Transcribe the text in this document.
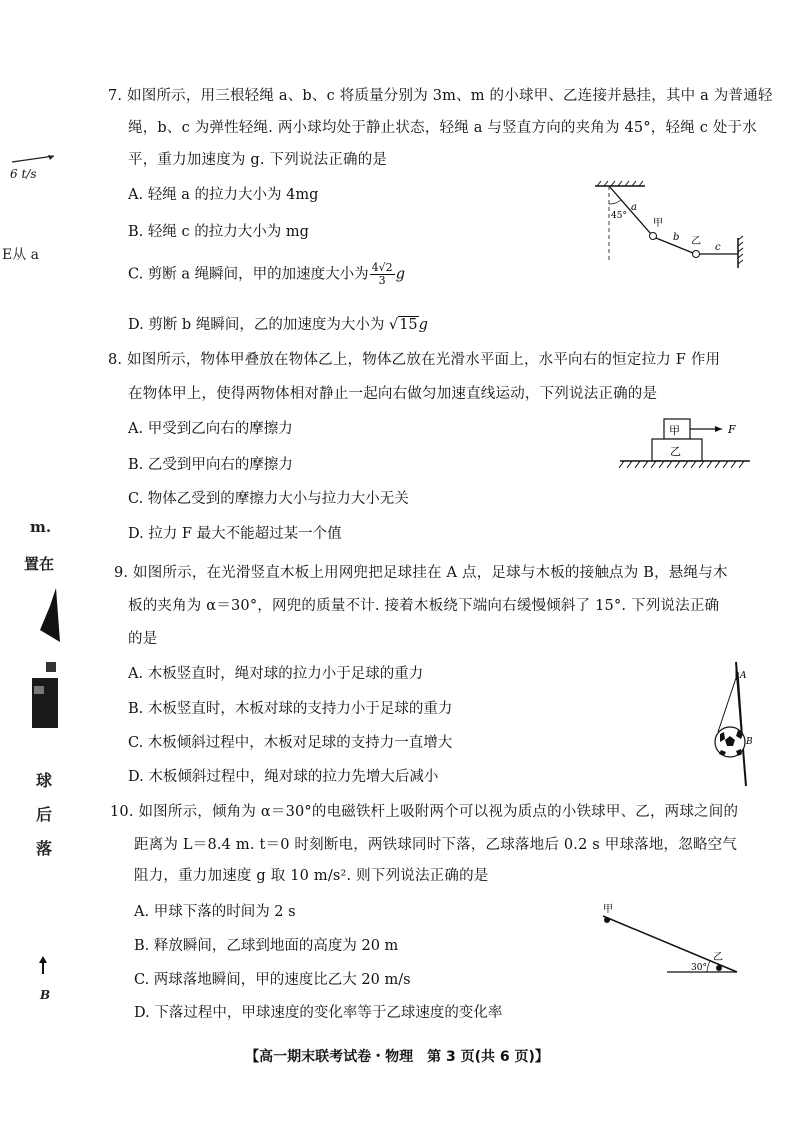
6 t/s
E从 a
m.
置在
球
后
落
B
7. 如图所示，用三根轻绳 a、b、c 将质量分别为 3m、m 的小球甲、乙连接并悬挂，其中 a 为普通轻
绳，b、c 为弹性轻绳. 两小球均处于静止状态，轻绳 a 与竖直方向的夹角为 45°，轻绳 c 处于水
平，重力加速度为 g. 下列说法正确的是
A. 轻绳 a 的拉力大小为 4mg
B. 轻绳 c 的拉力大小为 mg
C. 剪断 a 绳瞬间，甲的加速度大小为 $\frac{4√2}{3}$ g
D. 剪断 b 绳瞬间，乙的加速度为大小为 √15g
45°
a
甲
b 乙
c
8. 如图所示，物体甲叠放在物体乙上，物体乙放在光滑水平面上，水平向右的恒定拉力 F 作用
在物体甲上，使得两物体相对静止一起向右做匀加速直线运动，下列说法正确的是
A. 甲受到乙向右的摩擦力
B. 乙受到甲向右的摩擦力
C. 物体乙受到的摩擦力大小与拉力大小无关
D. 拉力 F 最大不能超过某一个值
甲	F
乙
9. 如图所示，在光滑竖直木板上用网兜把足球挂在 A 点，足球与木板的接触点为 B，悬绳与木
板的夹角为 α＝30°，网兜的质量不计. 接着木板绕下端向右缓慢倾斜了 15°. 下列说法正确
的是
A. 木板竖直时，绳对球的拉力小于足球的重力
B. 木板竖直时，木板对球的支持力小于足球的重力
C. 木板倾斜过程中，木板对足球的支持力一直增大
D. 木板倾斜过程中，绳对球的拉力先增大后减小
A
B
10. 如图所示，倾角为 α＝30°的电磁铁杆上吸附两个可以视为质点的小铁球甲、乙，两球之间的
距离为 L＝8.4 m. t＝0 时刻断电，两铁球同时下落，乙球落地后 0.2 s 甲球落地，忽略空气
阻力，重力加速度 g 取 10 m/s². 则下列说法正确的是
A. 甲球下落的时间为 2 s
B. 释放瞬间，乙球到地面的高度为 20 m
C. 两球落地瞬间，甲的速度比乙大 20 m/s
D. 下落过程中，甲球速度的变化率等于乙球速度的变化率
甲
乙
30°
【高一期末联考试卷・物理　第 3 页(共 6 页)】
